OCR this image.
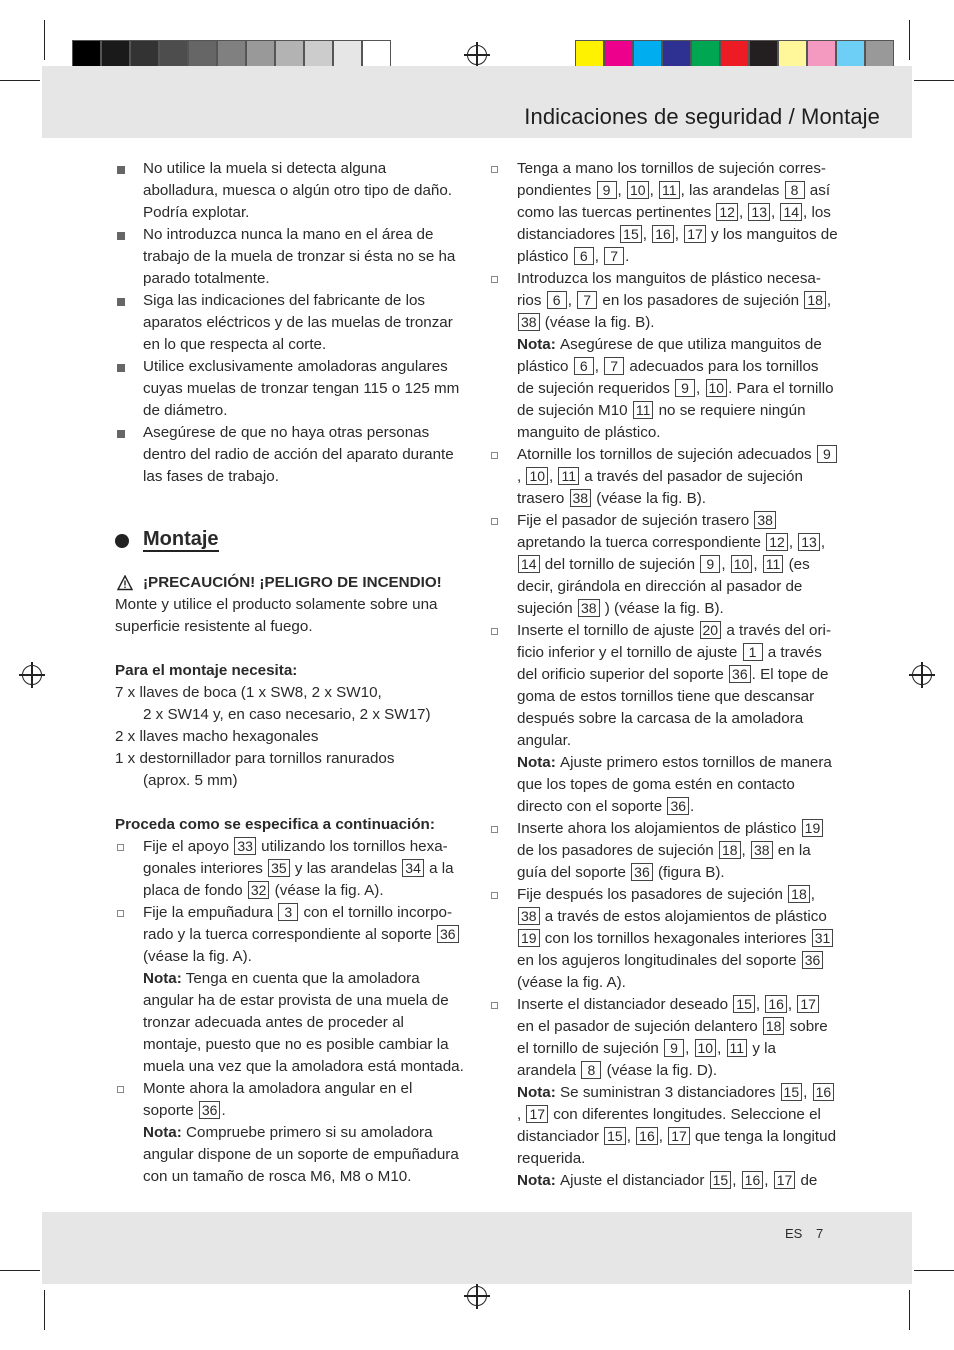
Indicaciones de seguridad / Montaje
ES 7
No utilice la muela si detecta alguna abolladura, muesca o algún otro tipo de daño. Podría explotar.
No introduzca nunca la mano en el área de trabajo de la muela de tronzar si ésta no se ha parado totalmente.
Siga las indicaciones del fabricante de los aparatos eléctricos y de las muelas de tronzar en lo que respecta al corte.
Utilice exclusivamente amoladoras angulares cuyas muelas de tronzar tengan 115 o 125 mm de diámetro.
Asegúrese de que no haya otras personas dentro del radio de acción del aparato durante las fases de trabajo.
Montaje
¡PRECAUCIÓN! ¡PELIGRO DE INCENDIO!
Monte y utilice el producto solamente sobre una superficie resistente al fuego.
Para el montaje necesita:
7 x llaves de boca (1 x SW8, 2 x SW10,
2 x SW14 y, en caso necesario, 2 x SW17)
2 x llaves macho hexagonales
1 x destornillador para tornillos ranurados
(aprox. 5 mm)
Proceda como se especifica a continuación:
Fije el apoyo 33 utilizando los tornillos hexagonales interiores 35 y las arandelas 34 a la placa de fondo 32 (véase la fig. A).
Fije la empuñadura 3 con el tornillo incorporado y la tuerca correspondiente al soporte 36 (véase la fig. A).
Nota: Tenga en cuenta que la amoladora angular ha de estar provista de una muela de tronzar adecuada antes de proceder al montaje, puesto que no es posible cambiar la muela una vez que la amoladora está montada.
Monte ahora la amoladora angular en el soporte 36 .
Nota: Compruebe primero si su amoladora angular dispone de un soporte de empuñadura con un tamaño de rosca M6, M8 o M10.
Tenga a mano los tornillos de sujeción correspondientes 9 , 10 , 11 , las arandelas 8 así como las tuercas pertinentes 12 , 13 , 14 , los distanciadores 15 , 16 , 17 y los manguitos de plástico 6 , 7 .
Introduzca los manguitos de plástico necesarios 6 , 7 en los pasadores de sujeción 18 , 38 (véase la fig. B).
Nota: Asegúrese de que utiliza manguitos de plástico 6 , 7 adecuados para los tornillos de sujeción requeridos 9 , 10 . Para el tornillo de sujeción M10 11 no se requiere ningún manguito de plástico.
Atornille los tornillos de sujeción adecuados 9, 10 , 11 a través del pasador de sujeción trasero 38 (véase la fig. B).
Fije el pasador de sujeción trasero 38 apretando la tuerca correspondiente 12 , 13 , 14 del tornillo de sujeción 9 , 10 , 11 (es decir, girándola en dirección al pasador de sujeción 38 ) (véase la fig. B).
Inserte el tornillo de ajuste 20 a través del orificio inferior y el tornillo de ajuste 1 a través del orificio superior del soporte 36 . El tope de goma de estos tornillos tiene que descansar después sobre la carcasa de la amoladora angular.
Nota: Ajuste primero estos tornillos de manera que los topes de goma estén en contacto directo con el soporte 36 .
Inserte ahora los alojamientos de plástico 19 de los pasadores de sujeción 18 , 38 en la guía del soporte 36 (figura B).
Fije después los pasadores de sujeción 18 , 38 a través de estos alojamientos de plástico 19 con los tornillos hexagonales interiores 31 en los agujeros longitudinales del soporte 36 (véase la fig. A).
Inserte el distanciador deseado 15 , 16 , 17 en el pasador de sujeción delantero 18 sobre el tornillo de sujeción 9 , 10 , 11 y la arandela 8 (véase la fig. D).
Nota: Se suministran 3 distanciadores 15 , 16, 17 con diferentes longitudes. Seleccione el distanciador 15 , 16 , 17 que tenga la longitud requerida.
Nota: Ajuste el distanciador 15 , 16 , 17 de
